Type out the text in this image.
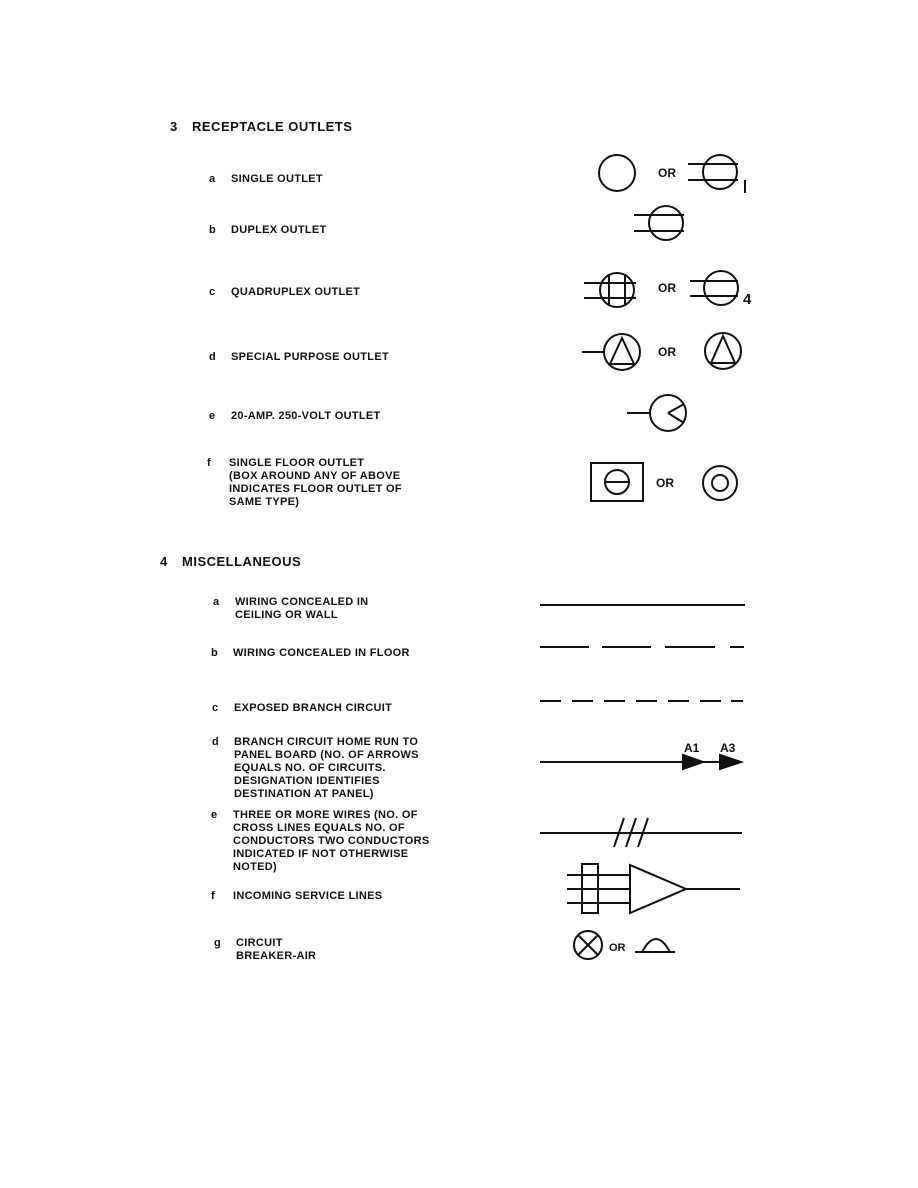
3 RECEPTACLE OUTLETS
a SINGLE OUTLET
b DUPLEX OUTLET
c QUADRUPLEX OUTLET
d SPECIAL PURPOSE OUTLET
e 20-AMP. 250-VOLT OUTLET
f SINGLE FLOOR OUTLET
(BOX AROUND ANY OF ABOVE
INDICATES FLOOR OUTLET OF
SAME TYPE)
4 MISCELLANEOUS
a WIRING CONCEALED IN
CEILING OR WALL
b WIRING CONCEALED IN FLOOR
c EXPOSED BRANCH CIRCUIT
d BRANCH CIRCUIT HOME RUN TO
PANEL BOARD (NO. OF ARROWS
EQUALS NO. OF CIRCUITS.
DESIGNATION IDENTIFIES
DESTINATION AT PANEL)
e THREE OR MORE WIRES (NO. OF
CROSS LINES EQUALS NO. OF
CONDUCTORS TWO CONDUCTORS
INDICATED IF NOT OTHERWISE
NOTED)
f INCOMING SERVICE LINES
g CIRCUIT
BREAKER-AIR
OR
OR
OR
OR
OR
4
A1 A3
